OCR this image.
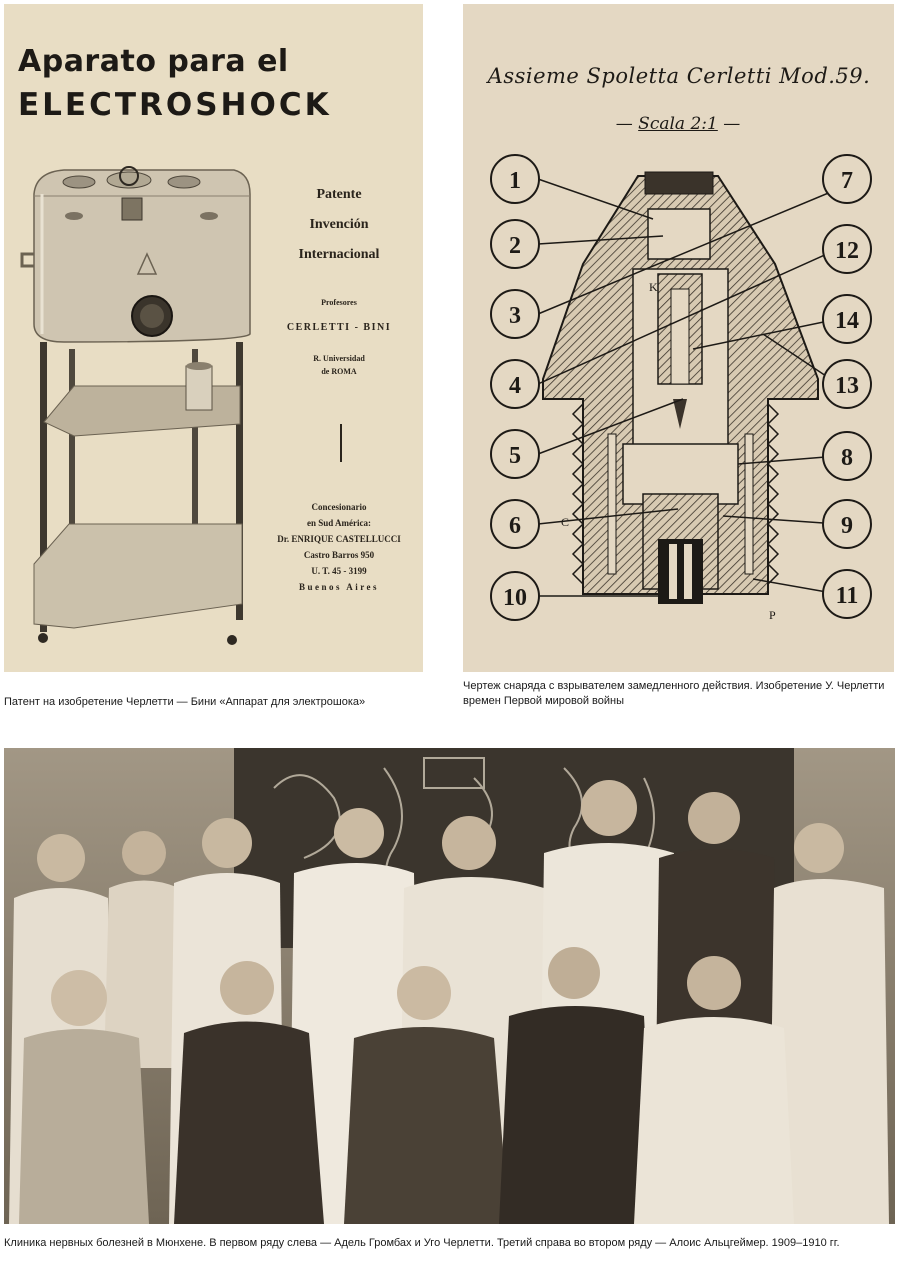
Aparato para el
ELECTROSHOCK
Patente
Invención
Internacional
Profesores
CERLETTI - BINI
R. Universidad
de ROMA
Concesionario
en Sud América:
Dr. ENRIQUE CASTELLUCCI
Castro Barros 950
U. T. 45 - 3199
Buenos Aires
Assieme Spoletta Cerletti Mod.59.
— Scala 2:1 —
1
2
3
4
5
6
10
7
12
14
13
8
9
11
K
C
P

Патент на изобретение Черлетти — Бини «Аппарат для электрошока»

Чертеж снаряда с взрывателем замедленного действия. Изобретение У. Черлетти времен Первой мировой войны

Клиника нервных болезней в Мюнхене. В первом ряду слева — Адель Громбах и Уго Черлетти. Третий справа во втором ряду — Алоис Альцгеймер. 1909–1910 гг.
